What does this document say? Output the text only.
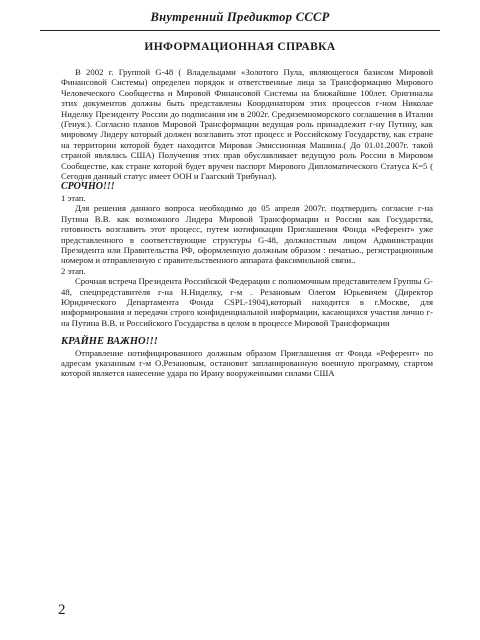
Внутренний Предиктор СССР
ИНФОРМАЦИОННАЯ СПРАВКА

В 2002 г. Группой G-48 ( Владельцами «Золотого Пула, являющегося базисом Мировой Финансовой Системы) определен порядок и ответственные лица за Трансформацию Мирового Человеческого Сообщества и Мировой Финансовой Системы на ближайшие 100лет. Оригиналы этих документов должны быть представлены Координатором этих процессов г-ном Николае Ниделку Президенту России до подписания им в 2002г. Средиземноморского соглашения в Италии (Генуя.). Согласно планов Мировой Трансформации ведущая роль принадлежит г-ну Путину, как мировому Лидеру который должен возглавить этот процесс и Российскому Государству, как стране на территории которой будет находится Мировая Эмиссионная Машина.( До 01.01.2007г. такой страной являлась США) Получения этих прав обуславливает ведущую роль России в Мировом Сообществе, как стране которой будет вручен паспорт Мирового Дипломатического Статуса К=5 ( Сегодня данный статус имеет ООН и Гаагский Трибунал).

СРОЧНО!!!

1 этап.

Для решения данного вопроса необходимо до 05 апреля 2007г. подтвердить согласие г-на Путина В.В. как возможного Лидера Мировой Трансформации и России как Государства, готовность возглавить этот процесс, путем нотификации Приглашения Фонда «Референт» уже представленного в соответствующие структуры G-48, должностным лицом Администрации Президента или Правительства РФ, оформленную должным образом : печатью., регистрационным номером и отправленную с правительственного аппарата факсимильной связи..

2 этап.

Срочная встреча Президента Российской Федерации с полномочным представителем Группы G-48, спецпредставителя г-на Н.Ниделку, г-м . Резановым Олегом Юрьевичем (Директор Юридического Департамента Фонда CSPL-1904),который находится в г.Москве, для информирования и передачи строго конфиденциальной информации, касающихся участия лично г-на Путина В.В. и Российского Государства в целом в процессе Мировой Трансформации

КРАЙНЕ ВАЖНО!!!

Отправление нотифицированного должным образом Приглашения от Фонда «Референт» по адресам указанным г-м О.Резановым, остановит запланированную военную программу, стартом которой является нанесение удара по Ирану вооруженными силами США

2
